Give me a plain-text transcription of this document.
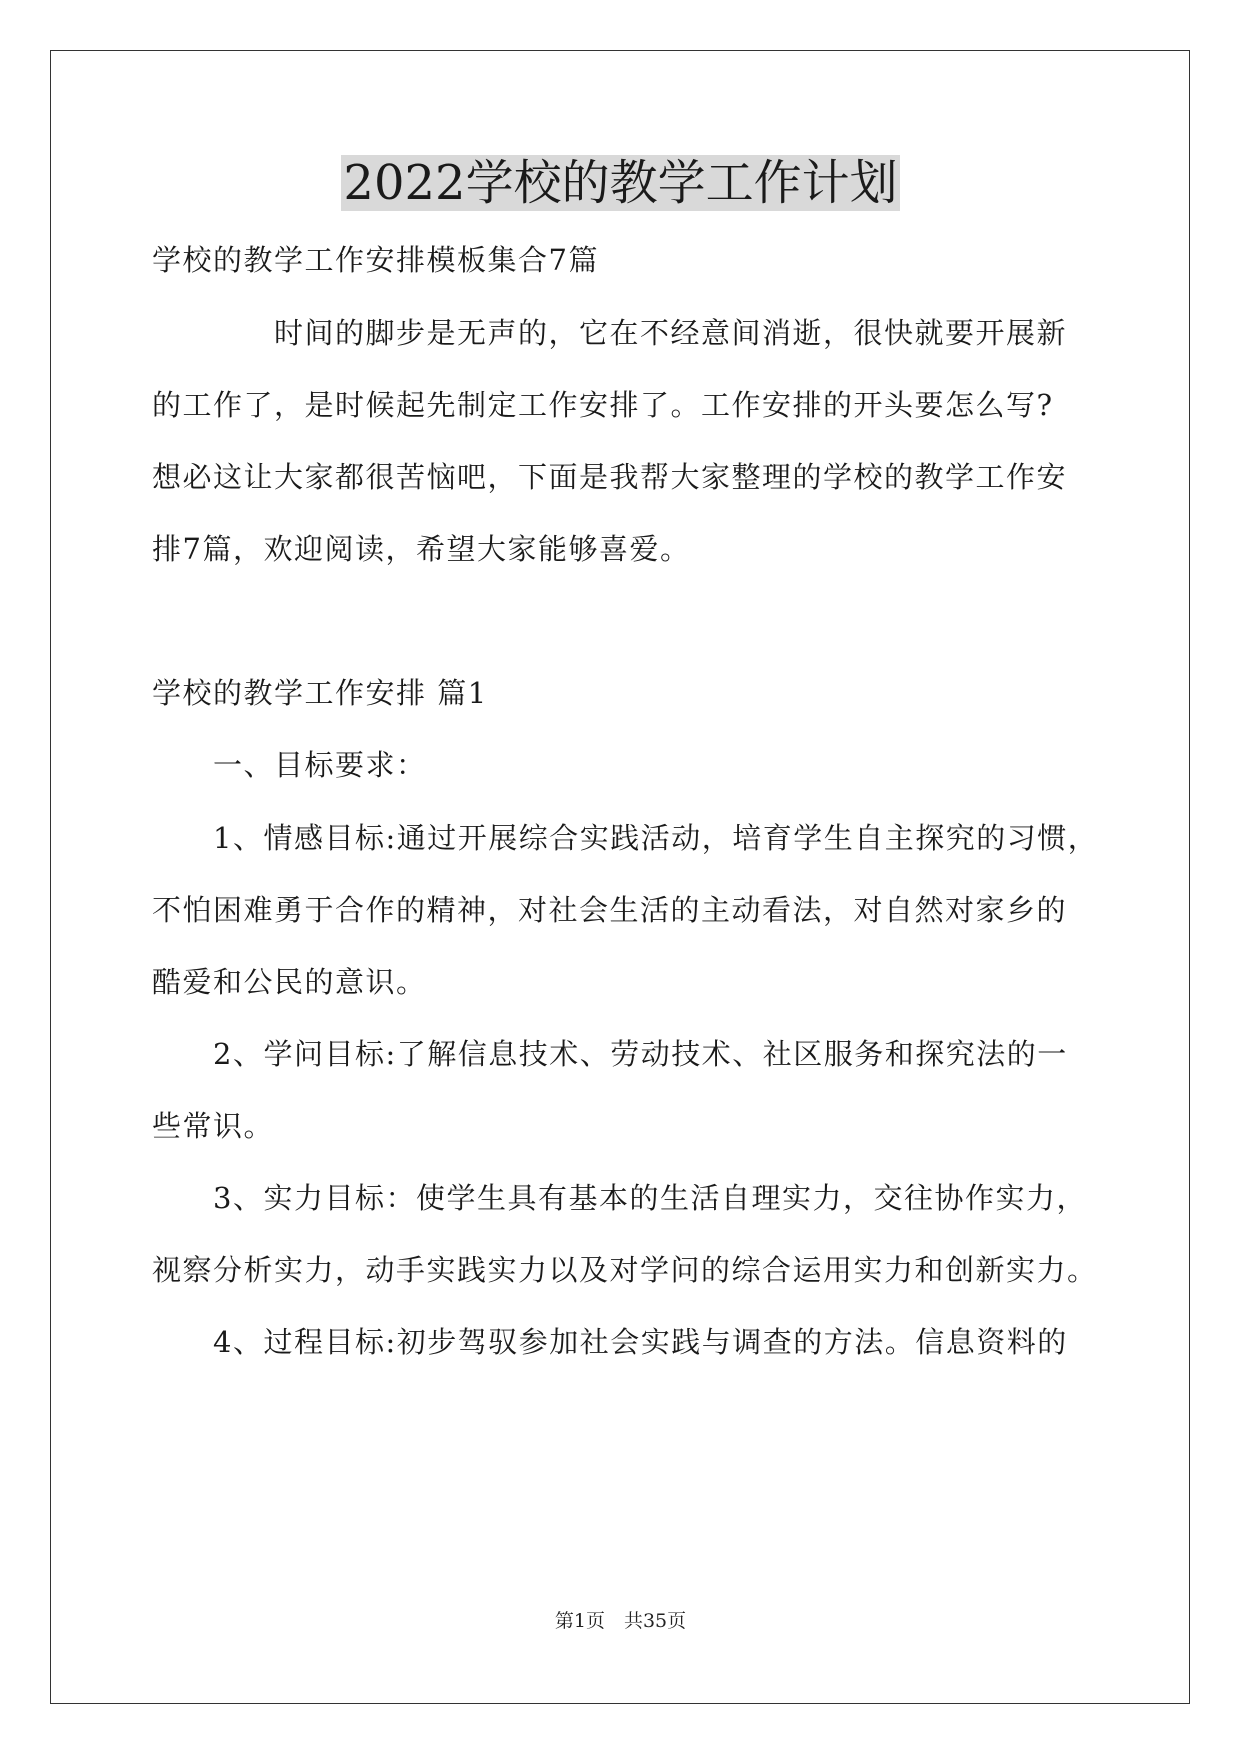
2022学校的教学工作计划
学校的教学工作安排模板集合7篇
　　　　时间的脚步是无声的，它在不经意间消逝，很快就要开展新
的工作了，是时候起先制定工作安排了。工作安排的开头要怎么写?
想必这让大家都很苦恼吧，下面是我帮大家整理的学校的教学工作安
排7篇，欢迎阅读，希望大家能够喜爱。
学校的教学工作安排 篇1
　　一、目标要求：
　　1、情感目标:通过开展综合实践活动，培育学生自主探究的习惯，
不怕困难勇于合作的精神，对社会生活的主动看法，对自然对家乡的
酷爱和公民的意识。
　　2、学问目标:了解信息技术、劳动技术、社区服务和探究法的一
些常识。
　　3、实力目标：使学生具有基本的生活自理实力，交往协作实力，
视察分析实力，动手实践实力以及对学问的综合运用实力和创新实力。
　　4、过程目标:初步驾驭参加社会实践与调查的方法。信息资料的
第1页　共35页
